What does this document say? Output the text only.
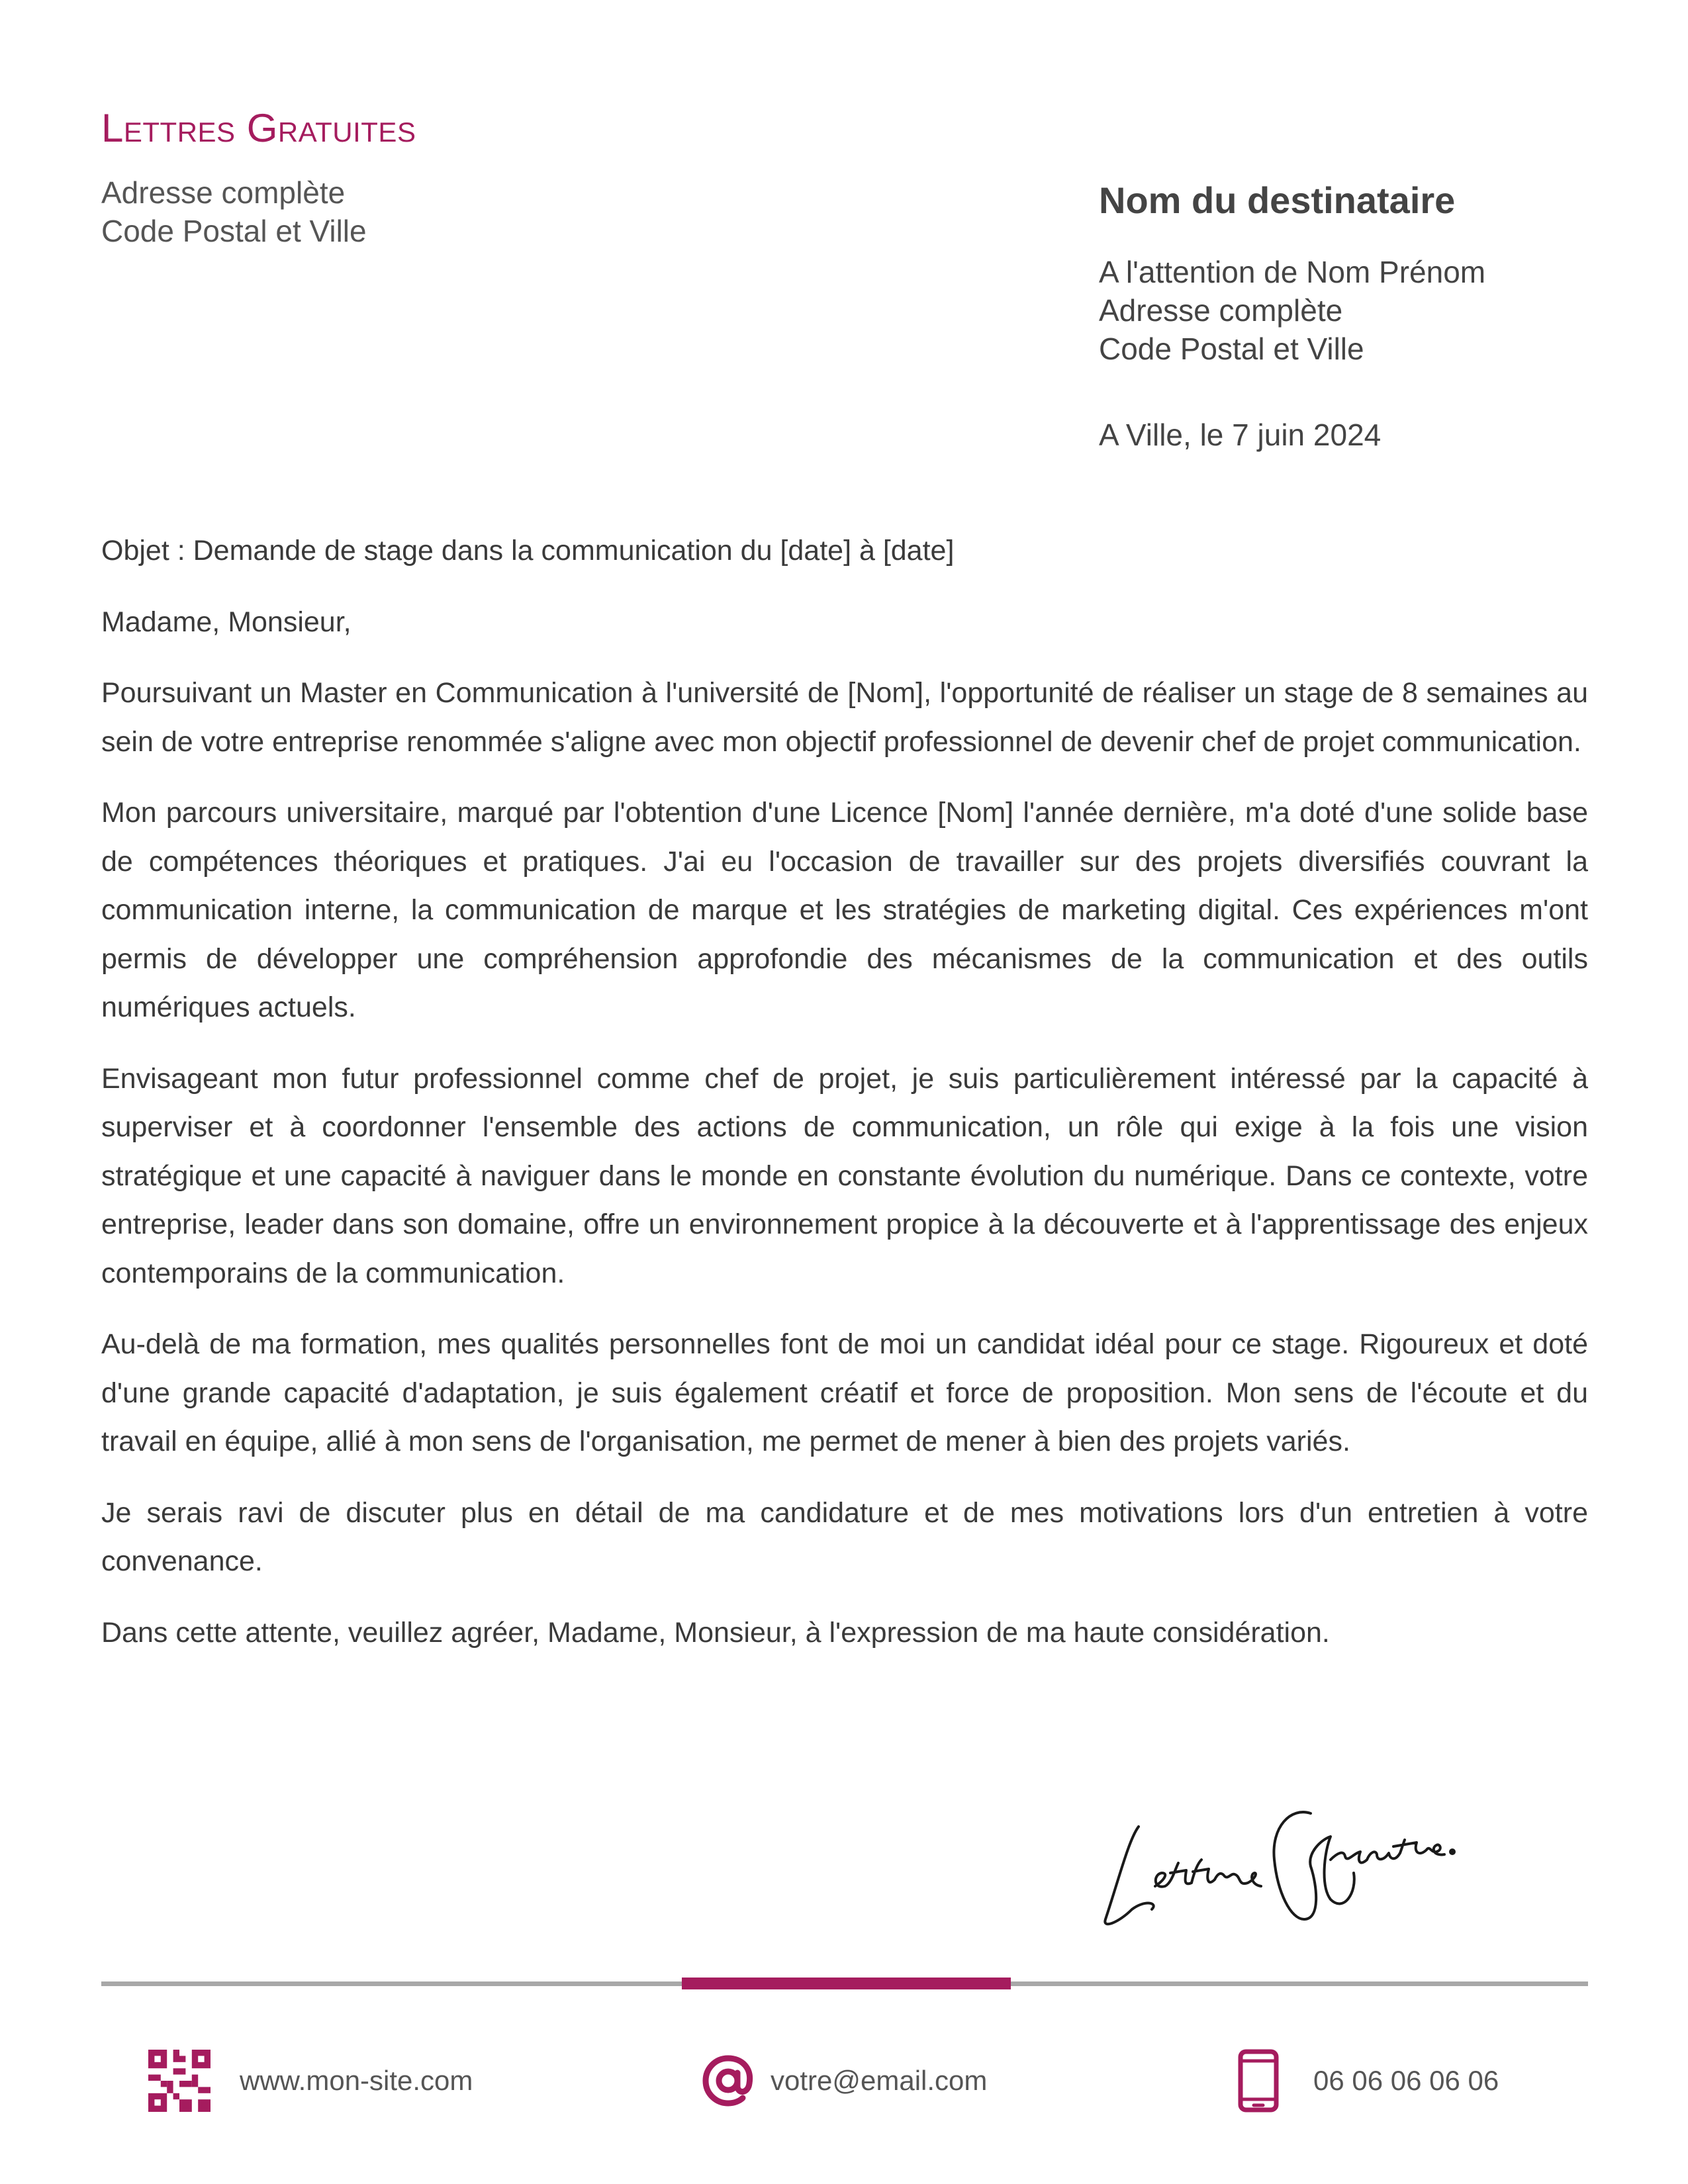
Lettres Gratuites
Adresse complète
Code Postal et Ville
Nom du destinataire
A l'attention de Nom Prénom
Adresse complète
Code Postal et Ville
A Ville, le 7 juin 2024

Objet : Demande de stage dans la communication du [date] à [date]

Madame, Monsieur,

Poursuivant un Master en Communication à l'université de [Nom], l'opportunité de réaliser un stage de 8 semaines au sein de votre entreprise renommée s'aligne avec mon objectif professionnel de devenir chef de projet communication.

Mon parcours universitaire, marqué par l'obtention d'une Licence [Nom] l'année dernière, m'a doté d'une solide base de compétences théoriques et pratiques. J'ai eu l'occasion de travailler sur des projets diversifiés couvrant la communication interne, la communication de marque et les stratégies de marketing digital. Ces expériences m'ont permis de développer une compréhension approfondie des mécanismes de la communication et des outils numériques actuels.

Envisageant mon futur professionnel comme chef de projet, je suis particulièrement intéressé par la capacité à superviser et à coordonner l'ensemble des actions de communication, un rôle qui exige à la fois une vision stratégique et une capacité à naviguer dans le monde en constante évolution du numérique. Dans ce contexte, votre entreprise, leader dans son domaine, offre un environnement propice à la découverte et à l'apprentissage des enjeux contemporains de la communication.

Au-delà de ma formation, mes qualités personnelles font de moi un candidat idéal pour ce stage. Rigoureux et doté d'une grande capacité d'adaptation, je suis également créatif et force de proposition. Mon sens de l'écoute et du travail en équipe, allié à mon sens de l'organisation, me permet de mener à bien des projets variés.

Je serais ravi de discuter plus en détail de ma candidature et de mes motivations lors d'un entretien à votre convenance.

Dans cette attente, veuillez agréer, Madame, Monsieur, à l'expression de ma haute considération.

www.mon-site.com	votre@email.com	06 06 06 06 06
